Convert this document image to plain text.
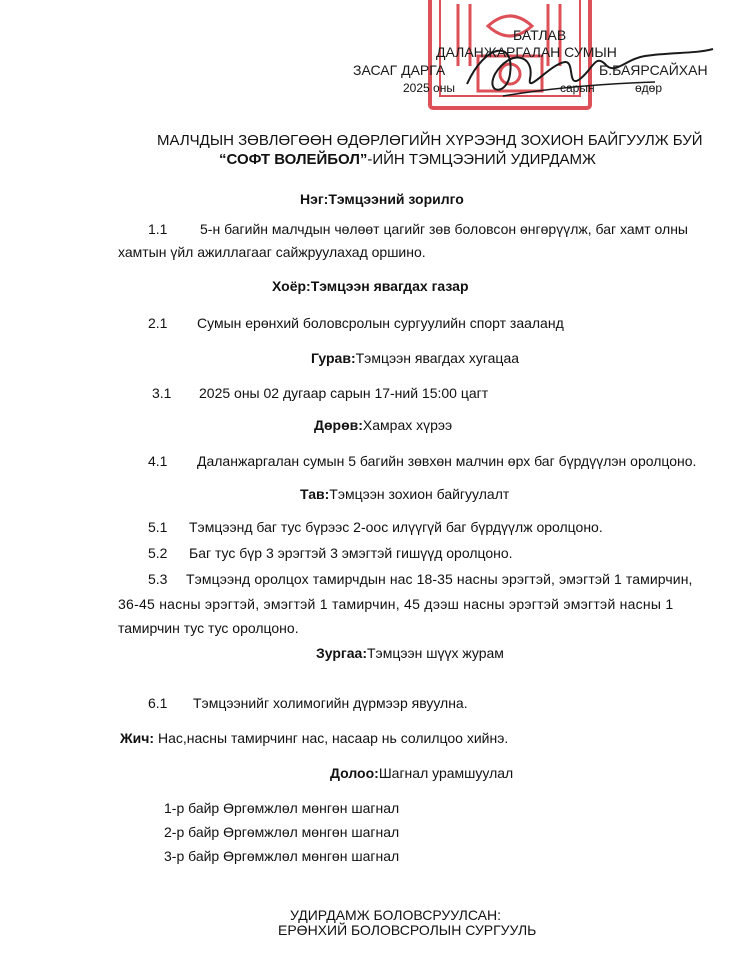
БАТЛАВ
ДАЛАНЖАРГАЛАН СУМЫН
ЗАСАГ ДАРГА	Б.БАЯРСАЙХАН
2025 оны	сарын	өдөр
МАЛЧДЫН ЗӨВЛӨГӨӨН ӨДӨРЛӨГИЙН ХҮРЭЭНД ЗОХИОН БАЙГУУЛЖ БУЙ
“СОФТ ВОЛЕЙБОЛ”-ИЙН ТЭМЦЭЭНИЙ УДИРДАМЖ
Нэг:Тэмцээний зорилго
1.1 5-н багийн малчдын чөлөөт цагийг зөв боловсон өнгөрүүлж, баг хамт олны
хамтын үйл ажиллагааг сайжруулахад оршино.
Хоёр:Тэмцээн явагдах газар
2.1 Сумын ерөнхий боловсролын сургуулийн спорт зааланд
Гурав:Тэмцээн явагдах хугацаа
3.1 2025 оны 02 дугаар сарын 17-ний 15:00 цагт
Дөрөв:Хамрах хүрээ
4.1 Даланжаргалан сумын 5 багийн зөвхөн малчин өрх баг бүрдүүлэн оролцоно.
Тав:Тэмцээн зохион байгуулалт
5.1 Тэмцээнд баг тус бүрээс 2-оос илүүгүй баг бүрдүүлж оролцоно.
5.2 Баг тус бүр 3 эрэгтэй 3 эмэгтэй гишүүд оролцоно.
5.3 Тэмцээнд оролцох тамирчдын нас 18-35 насны эрэгтэй, эмэгтэй 1 тамирчин,
36-45 насны эрэгтэй, эмэгтэй 1 тамирчин, 45 дээш насны эрэгтэй эмэгтэй насны 1
тамирчин тус тус оролцоно.
Зургаа:Тэмцээн шүүх журам
6.1 Тэмцээнийг холимогийн дүрмээр явуулна.
Жич: Нас,насны тамирчинг нас, насаар нь солилцоо хийнэ.
Долоо:Шагнал урамшуулал
1-р байр Өргөмжлөл мөнгөн шагнал
2-р байр Өргөмжлөл мөнгөн шагнал
3-р байр Өргөмжлөл мөнгөн шагнал
УДИРДАМЖ БОЛОВСРУУЛСАН:
ЕРӨНХИЙ БОЛОВСРОЛЫН СУРГУУЛЬ
